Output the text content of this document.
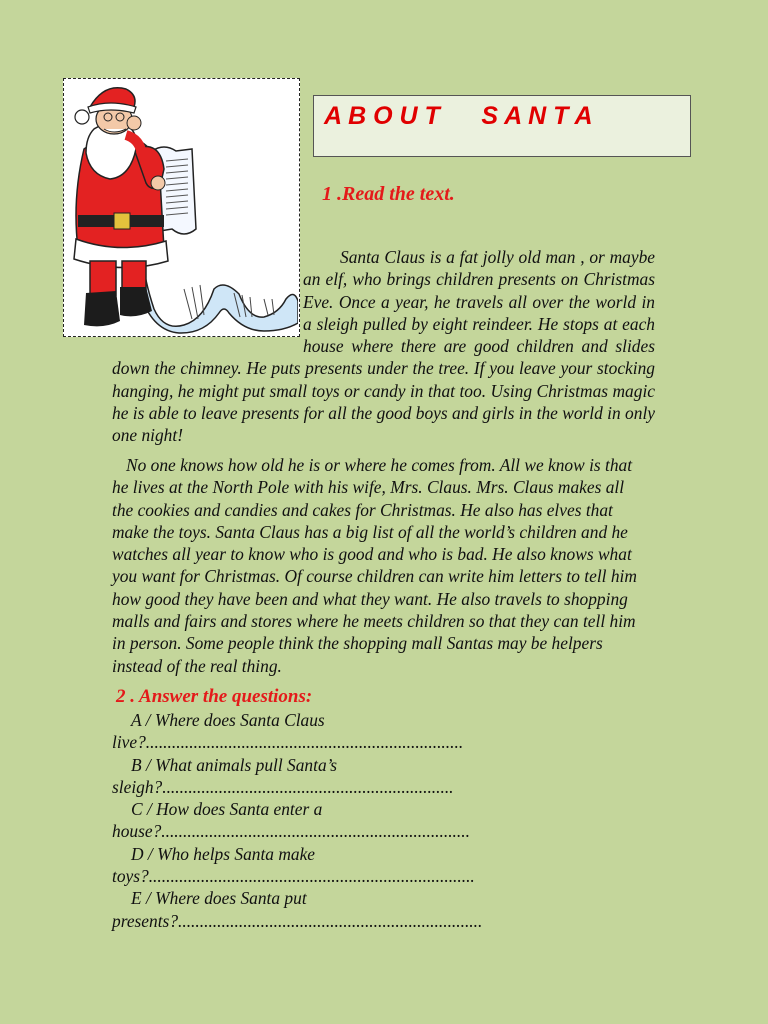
A B O U T      S A N T A
1 .Read the text.

Santa Claus is a fat jolly old man , or maybe an elf, who brings children presents on Christmas Eve. Once a year, he travels all over the world in a sleigh pulled by eight reindeer. He stops at each house where there are good children and slides down the chimney. He puts presents under the tree. If you leave your stocking hanging, he might put small toys or candy in that too. Using Christmas magic he is able to leave presents for all the good boys and girls in the world in only one night!

No one knows how old he is or where he comes from. All we know is that he lives at the North Pole with his wife, Mrs. Claus. Mrs. Claus makes all the cookies and candies and cakes for Christmas. He also has elves that make the toys. Santa Claus has a big list of all the world’s children and he watches all year to know who is good and who is bad. He also knows what you want for Christmas. Of course children can write him letters to tell him how good they have been and what they want. He also travels to shopping malls and fairs and stores where he meets children so that they can tell him in person. Some people think the shopping mall Santas may be helpers instead of the real thing.

2 . Answer the questions:
A / Where does Santa Claus
live?.........................................................................
B / What animals pull Santa’s
sleigh?...................................................................
C / How does Santa enter a
house?.......................................................................
D / Who helps Santa make
toys?...........................................................................
E / Where does Santa put
presents?......................................................................
